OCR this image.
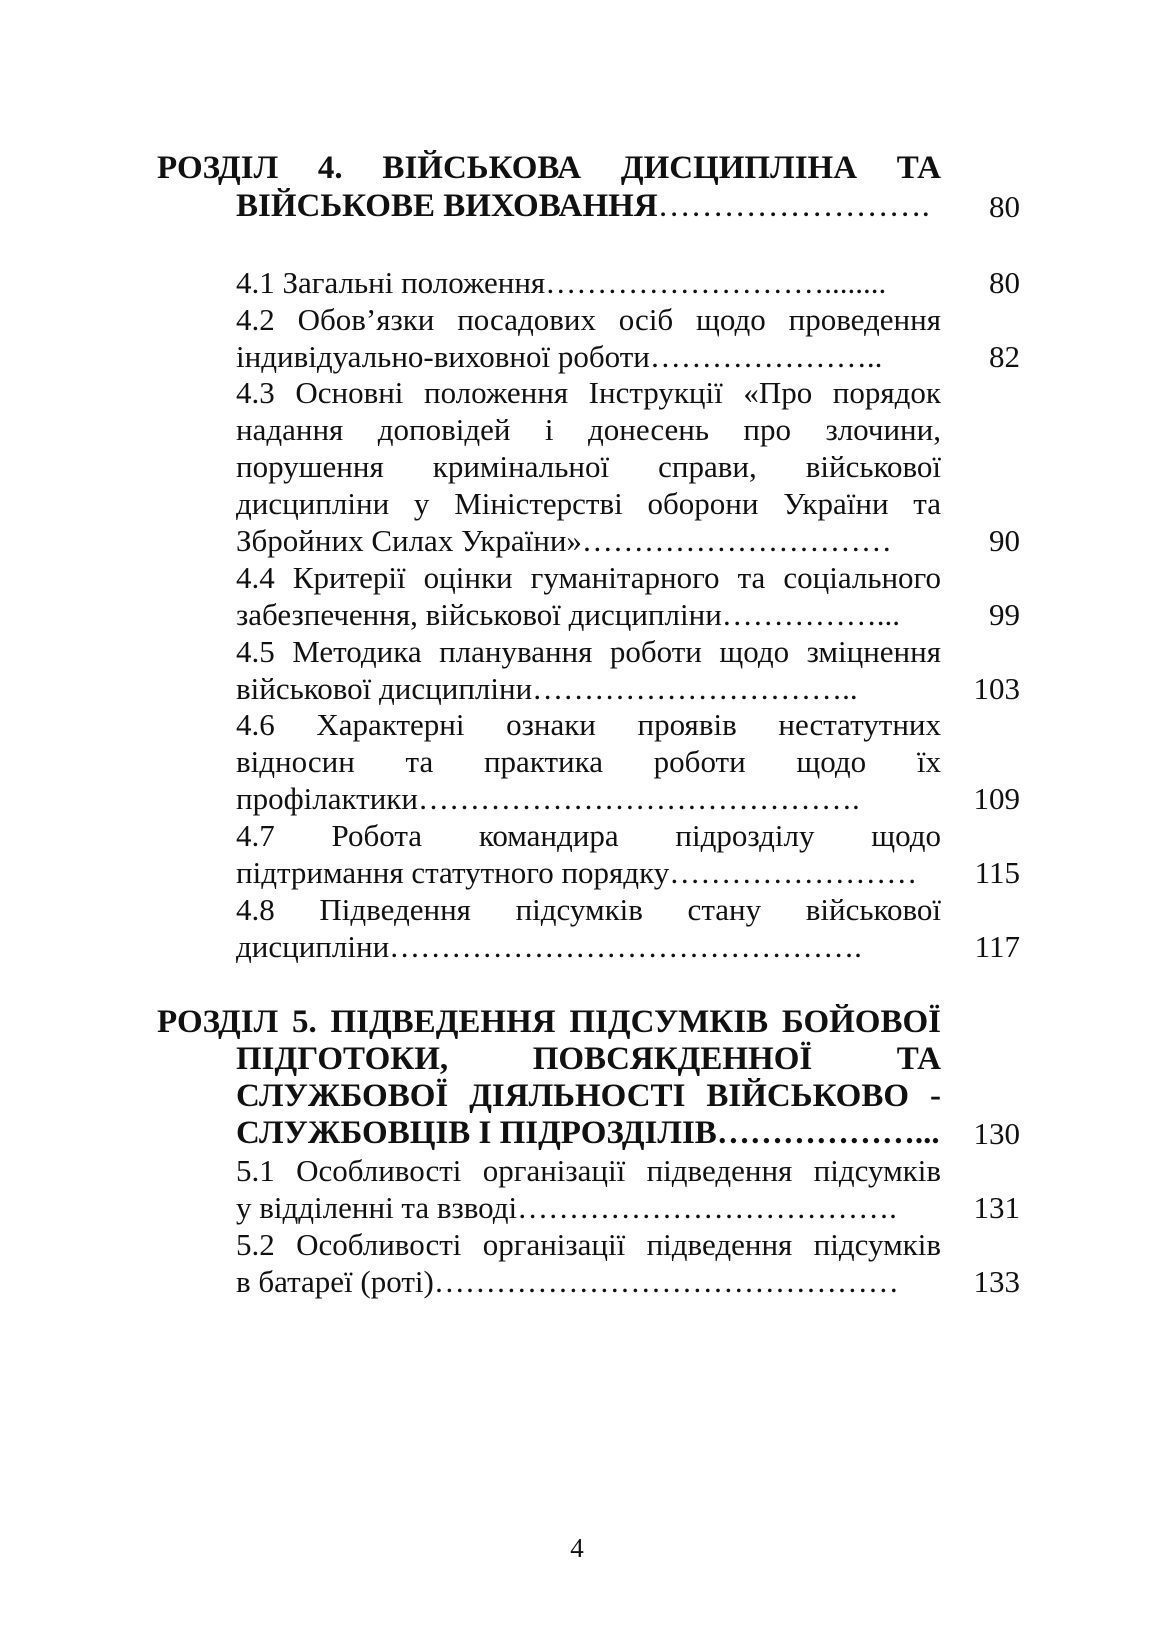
РОЗДІЛ 4. ВІЙСЬКОВА ДИСЦИПЛІНА ТА
ВІЙСЬКОВЕ ВИХОВАННЯ…………………….	80
4.1 Загальні положення………………………........	80
4.2 Обов’язки посадових осіб щодо проведення
індивідуально-виховної роботи…………………..	82
4.3 Основні положення Інструкції «Про порядок
надання доповідей і донесень про злочини,
порушення кримінальної справи, військової
дисципліни у Міністерстві оборони України та
Збройних Силах України»…………………………	90
4.4 Критерії оцінки гуманітарного та соціального
забезпечення, військової дисципліни……………...	99
4.5 Методика планування роботи щодо зміцнення
військової дисципліни…………………………..	103
4.6 Характерні ознаки проявів нестатутних
відносин та практика роботи щодо їх
профілактики…………………………………….	109
4.7 Робота командира підрозділу щодо
підтримання статутного порядку……………………	115
4.8 Підведення підсумків стану військової
дисципліни……………………………………….	117
РОЗДІЛ 5. ПІДВЕДЕННЯ ПІДСУМКІВ БОЙОВОЇ
ПІДГОТОКИ, ПОВСЯКДЕННОЇ ТА
СЛУЖБОВОЇ ДІЯЛЬНОСТІ ВІЙСЬКОВО -
СЛУЖБОВЦІВ І ПІДРОЗДІЛІВ………………...	130
5.1 Особливості організації підведення підсумків
у відділенні та взводі……………………………….	131
5.2 Особливості організації підведення підсумків
в батареї (роті)………………………………………	133
4
